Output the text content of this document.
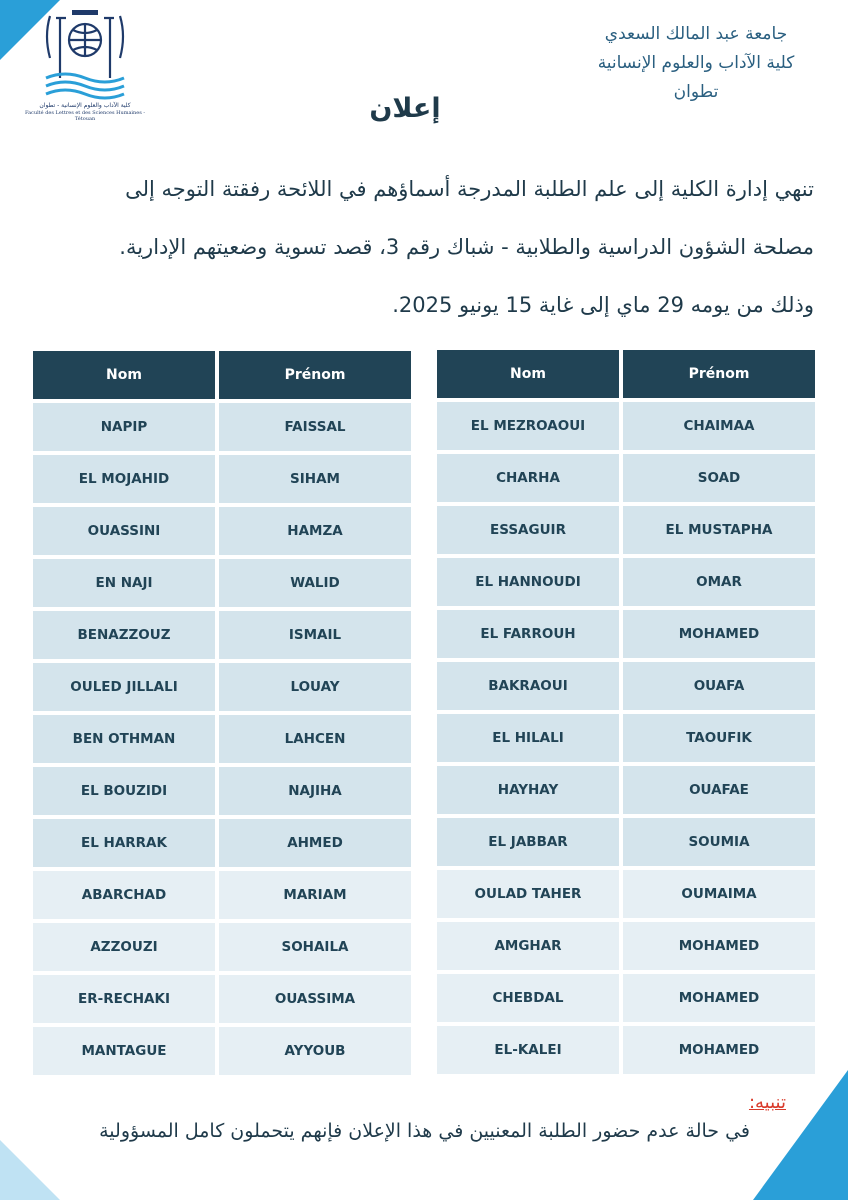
كلية الآداب والعلوم الإنسانية - تطوان
Faculté des Lettres et des Sciences Humaines - Tétouan
جامعة عبد المالك السعدي
كلية الآداب والعلوم الإنسانية
تطوان
إعلان

تنهي إدارة الكلية إلى علم الطلبة المدرجة أسماؤهم في اللائحة رفقتة التوجه إلى

مصلحة الشؤون الدراسية والطلابية - شباك رقم 3، قصد تسوية وضعيتهم الإدارية.

وذلك من يومه 29 ماي إلى غاية 15 يونيو 2025.

Nom	Prénom
NAPIP	FAISSAL
EL MOJAHID	SIHAM
OUASSINI	HAMZA
EN NAJI	WALID
BENAZZOUZ	ISMAIL
OULED JILLALI	LOUAY
BEN OTHMAN	LAHCEN
EL BOUZIDI	NAJIHA
EL HARRAK	AHMED
ABARCHAD	MARIAM
AZZOUZI	SOHAILA
ER-RECHAKI	OUASSIMA
MANTAGUE	AYYOUB
Nom	Prénom
EL MEZROAOUI	CHAIMAA
CHARHA	SOAD
ESSAGUIR	EL MUSTAPHA
EL HANNOUDI	OMAR
EL FARROUH	MOHAMED
BAKRAOUI	OUAFA
EL HILALI	TAOUFIK
HAYHAY	OUAFAE
EL JABBAR	SOUMIA
OULAD TAHER	OUMAIMA
AMGHAR	MOHAMED
CHEBDAL	MOHAMED
EL-KALEI	MOHAMED
تنبيه:
في حالة عدم حضور الطلبة المعنيين في هذا الإعلان فإنهم يتحملون كامل المسؤولية
